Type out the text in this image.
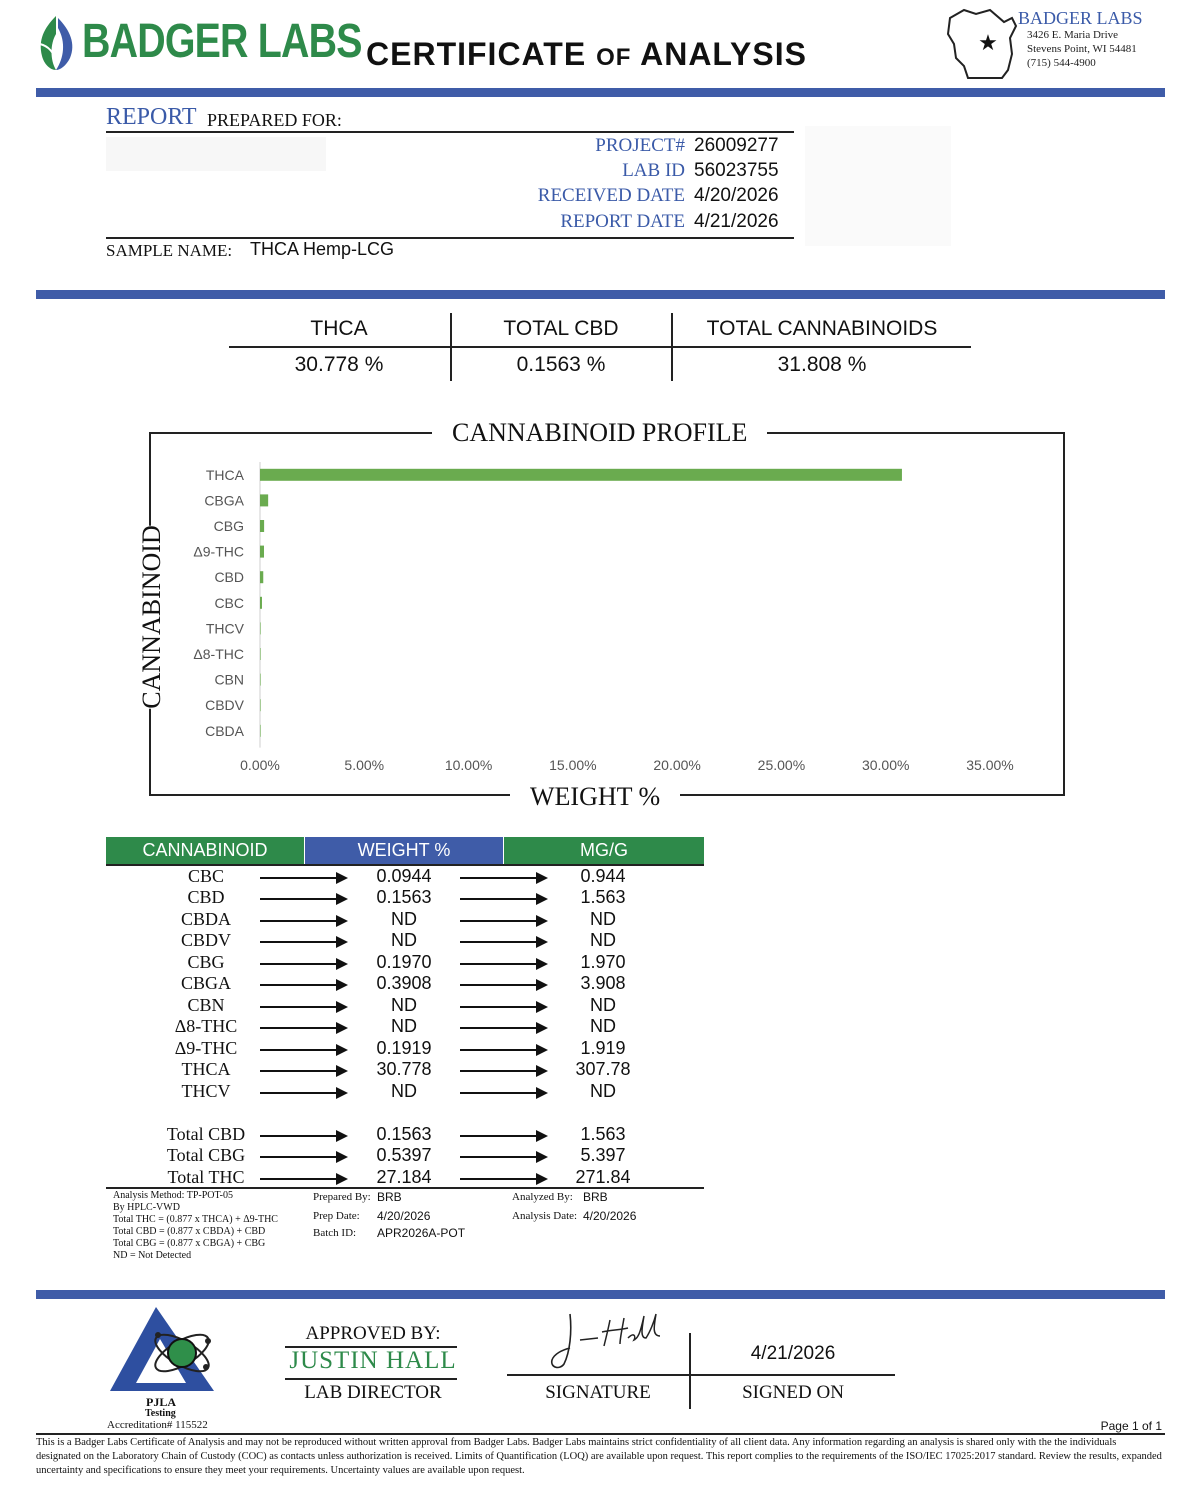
BADGER LABS CERTIFICATE OF ANALYSIS	★
BADGER LABS
3426 E. Maria Drive
Stevens Point, WI 54481
(715) 544-4900
REPORT PREPARED FOR:
PROJECT# 26009277
LAB ID 56023755
RECEIVED DATE 4/20/2026
REPORT DATE 4/21/2026
SAMPLE NAME: THCA Hemp-LCG
THCA	TOTAL CBD	TOTAL CANNABINOIDS
30.778 %	0.1563 %	31.808 %
CANNABINOID PROFILE
WEIGHT %
CANNABINOID
THCA
CBGA
CBG
Δ9-THC
CBD
CBC
THCV
Δ8-THC
CBN
CBDV
CBDA
0.00%	5.00%	10.00%	15.00%	20.00%	25.00%	30.00%	35.00%
CANNABINOID	WEIGHT %	MG/G
CBC	0.0944	0.944
CBD	0.1563	1.563
CBDA	ND	ND
CBDV	ND	ND
CBG	0.1970	1.970
CBGA	0.3908	3.908
CBN	ND	ND
Δ8-THC	ND	ND
Δ9-THC	0.1919	1.919
THCA	30.778	307.78
THCV	ND	ND
Total CBD	0.1563	1.563
Total CBG	0.5397	5.397
Total THC	27.184	271.84
Analysis Method: TP-POT-05
By HPLC-VWD
Total THC = (0.877 x THCA) + Δ9-THC
Total CBD = (0.877 x CBDA) + CBD
Total CBG = (0.877 x CBGA) + CBG
ND = Not Detected
Prepared By: BRB
Prep Date: 4/20/2026
Batch ID: APR2026A-POT
Analyzed By: BRB
Analysis Date: 4/20/2026
PJLA
Testing
Accreditation# 115522
APPROVED BY:
JUSTIN HALL
LAB DIRECTOR	SIGNATURE
4/21/2026
SIGNED ON
Page 1 of 1
This is a Badger Labs Certificate of Analysis and may not be reproduced without written approval from Badger Labs. Badger Labs maintains strict confidentiality of all client data. Any information regarding an analysis is shared only with the the individuals designated on the Laboratory Chain of Custody (COC) as contacts unless authorization is received. Limits of Quantification (LOQ) are available upon request. This report complies to the requirements of the ISO/IEC 17025:2017 standard. Review the results, expanded uncertainty and specifications to ensure they meet your requirements. Uncertainty values are available upon request.
